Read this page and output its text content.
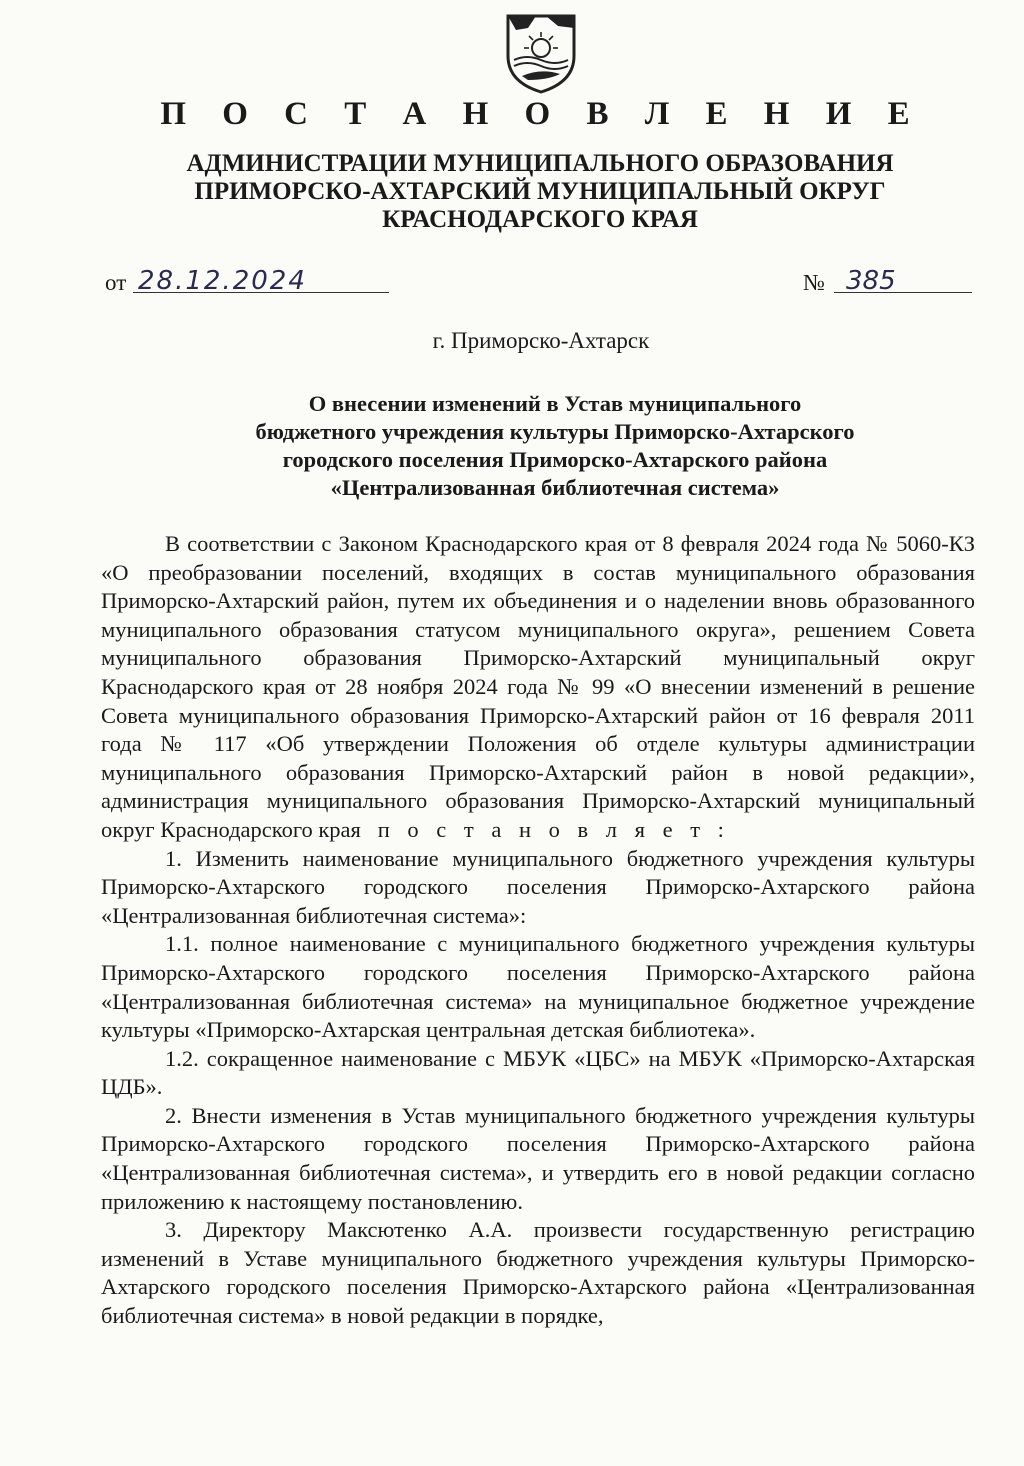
П О С Т А Н О В Л Е Н И Е
АДМИНИСТРАЦИИ МУНИЦИПАЛЬНОГО ОБРАЗОВАНИЯ
ПРИМОРСКО-АХТАРСКИЙ МУНИЦИПАЛЬНЫЙ ОКРУГ
КРАСНОДАРСКОГО КРАЯ
от 28.12.2024	№ 385
г. Приморско-Ахтарск
О внесении изменений в Устав муниципального
бюджетного учреждения культуры Приморско-Ахтарского
городского поселения Приморско-Ахтарского района
«Централизованная библиотечная система»

В соответствии с Законом Краснодарского края от 8 февраля 2024 года № 5060-КЗ «О преобразовании поселений, входящих в состав муниципального образования Приморско-Ахтарский район, путем их объединения и о наделении вновь образованного муниципального образования статусом муниципального округа», решением Совета муниципального образования Приморско-Ахтарский муниципальный округ Краснодарского края от 28 ноября 2024 года № 99 «О внесении изменений в решение Совета муниципального образования Приморско-Ахтарский район от 16 февраля 2011 года № 117 «Об утверждении Положения об отделе культуры администрации муниципального образования Приморско-Ахтарский район в новой редакции», администрация муниципального образования Приморско-Ахтарский муниципальный округ Краснодарского края п о с т а н о в л я е т :

1. Изменить наименование муниципального бюджетного учреждения культуры Приморско-Ахтарского городского поселения Приморско-Ахтарского района «Централизованная библиотечная система»:

1.1. полное наименование с муниципального бюджетного учреждения культуры Приморско-Ахтарского городского поселения Приморско-Ахтарского района «Централизованная библиотечная система» на муниципальное бюджетное учреждение культуры «Приморско-Ахтарская центральная детская библиотека».

1.2. сокращенное наименование с МБУК «ЦБС» на МБУК «Приморско-Ахтарская ЦДБ».

2. Внести изменения в Устав муниципального бюджетного учреждения культуры Приморско-Ахтарского городского поселения Приморско-Ахтарского района «Централизованная библиотечная система», и утвердить его в новой редакции согласно приложению к настоящему постановлению.

3. Директору Максютенко А.А. произвести государственную регистрацию изменений в Уставе муниципального бюджетного учреждения культуры Приморско-Ахтарского городского поселения Приморско-Ахтарского района «Централизованная библиотечная система» в новой редакции в порядке,
